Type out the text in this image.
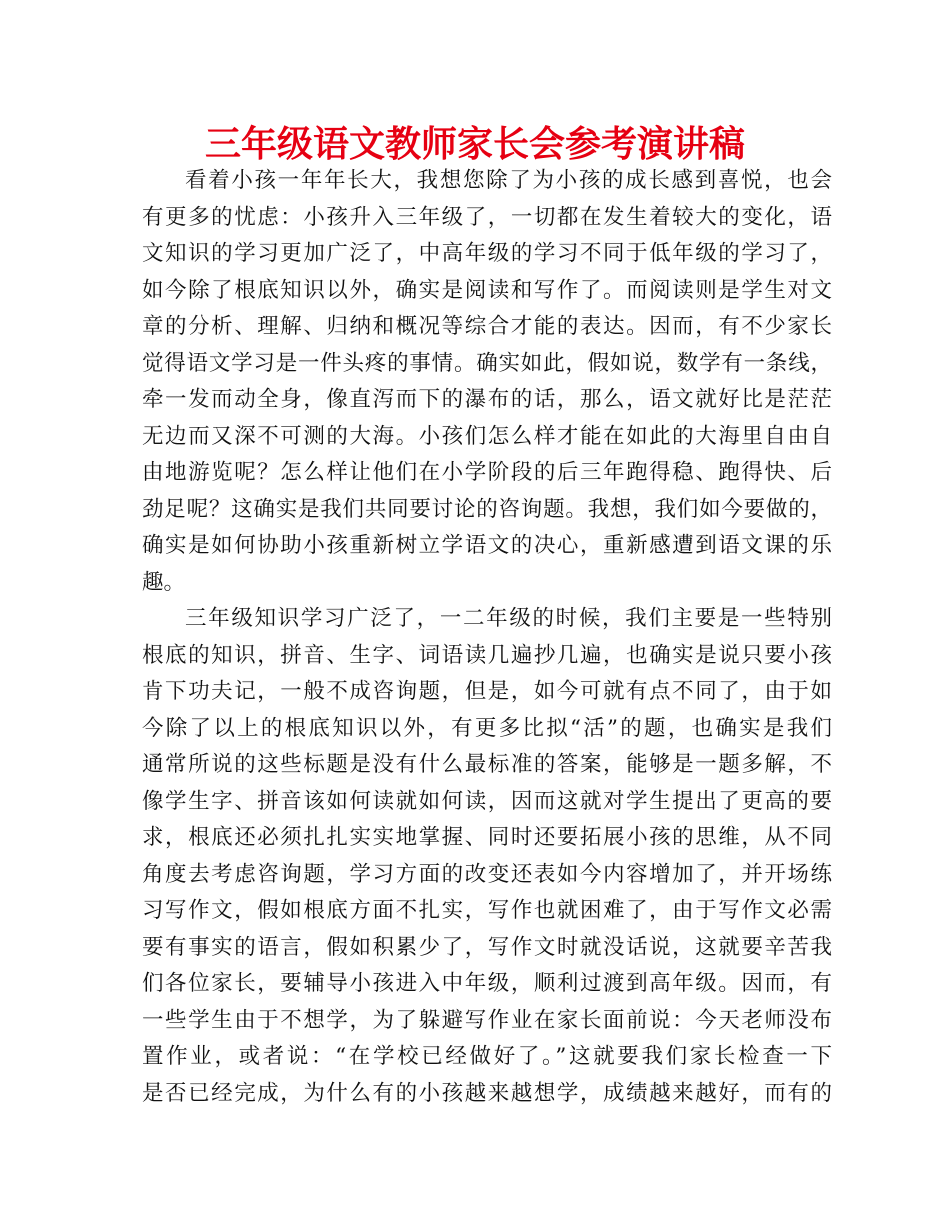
三年级语文教师家长会参考演讲稿
看着小孩一年年长大，我想您除了为小孩的成长感到喜悦，也会
有更多的忧虑：小孩升入三年级了，一切都在发生着较大的变化，语
文知识的学习更加广泛了，中高年级的学习不同于低年级的学习了，
如今除了根底知识以外，确实是阅读和写作了。而阅读则是学生对文
章的分析、理解、归纳和概况等综合才能的表达。因而，有不少家长
觉得语文学习是一件头疼的事情。确实如此，假如说，数学有一条线，
牵一发而动全身，像直泻而下的瀑布的话，那么，语文就好比是茫茫
无边而又深不可测的大海。小孩们怎么样才能在如此的大海里自由自
由地游览呢？怎么样让他们在小学阶段的后三年跑得稳、跑得快、后
劲足呢？这确实是我们共同要讨论的咨询题。我想，我们如今要做的，
确实是如何协助小孩重新树立学语文的决心，重新感遭到语文课的乐
趣。
三年级知识学习广泛了，一二年级的时候，我们主要是一些特别
根底的知识，拼音、生字、词语读几遍抄几遍，也确实是说只要小孩
肯下功夫记，一般不成咨询题，但是，如今可就有点不同了，由于如
今除了以上的根底知识以外，有更多比拟“活”的题，也确实是我们
通常所说的这些标题是没有什么最标准的答案，能够是一题多解，不
像学生字、拼音该如何读就如何读，因而这就对学生提出了更高的要
求，根底还必须扎扎实实地掌握、同时还要拓展小孩的思维，从不同
角度去考虑咨询题，学习方面的改变还表如今内容增加了，并开场练
习写作文，假如根底方面不扎实，写作也就困难了，由于写作文必需
要有事实的语言，假如积累少了，写作文时就没话说，这就要辛苦我
们各位家长，要辅导小孩进入中年级，顺利过渡到高年级。因而，有
一些学生由于不想学，为了躲避写作业在家长面前说：今天老师没布
置作业，或者说：“在学校已经做好了。”这就要我们家长检查一下
是否已经完成，为什么有的小孩越来越想学，成绩越来越好，而有的
